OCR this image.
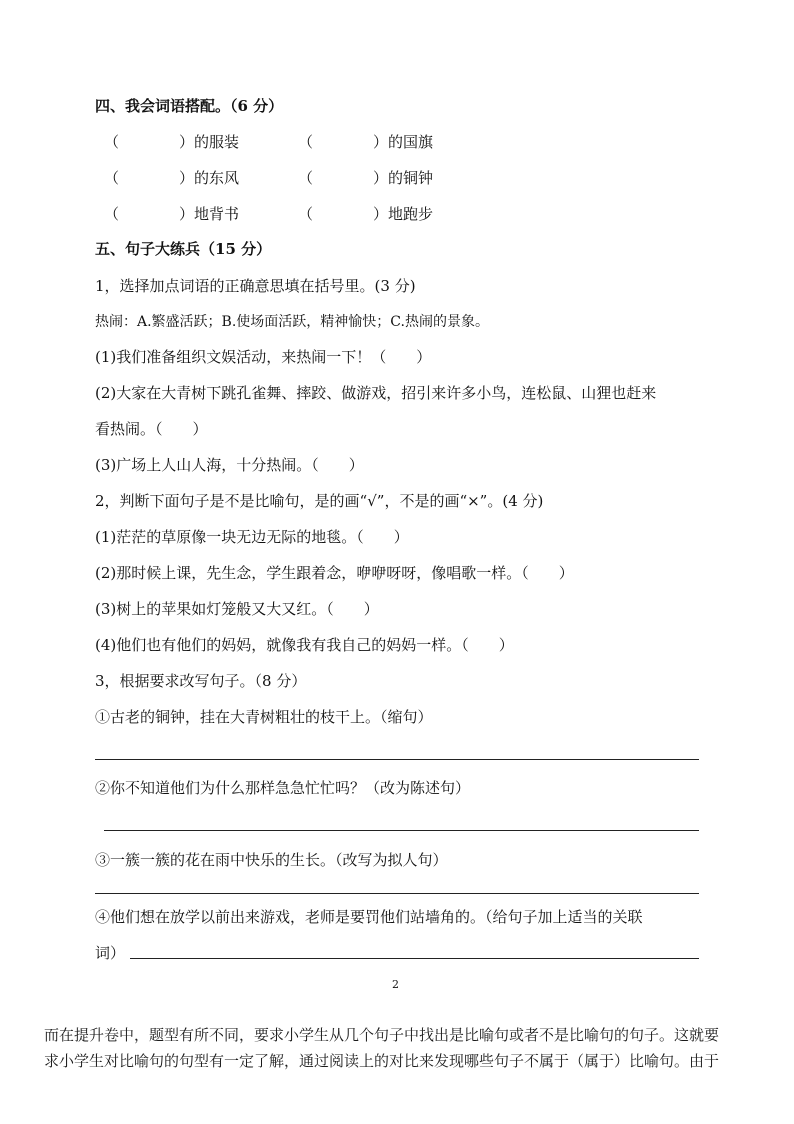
四、我会词语搭配。（6 分）
（　　　　）的服装	（　　　　）的国旗
（　　　　）的东风	（　　　　）的铜钟
（　　　　）地背书	（　　　　）地跑步
五、句子大练兵（15 分）
1，选择加点词语的正确意思填在括号里。(3 分)
热闹：A.繁盛活跃；B.使场面活跃，精神愉快；C.热闹的景象。
(1)我们准备组织文娱活动，来热闹一下！（　　）
(2)大家在大青树下跳孔雀舞、摔跤、做游戏，招引来许多小鸟，连松鼠、山狸也赶来
看热闹。（　　）
(3)广场上人山人海，十分热闹。（　　）
2，判断下面句子是不是比喻句，是的画“√”，不是的画“×”。(4 分)
(1)茫茫的草原像一块无边无际的地毯。（　　）
(2)那时候上课，先生念，学生跟着念，咿咿呀呀，像唱歌一样。（　　）
(3)树上的苹果如灯笼般又大又红。（　　）
(4)他们也有他们的妈妈，就像我有我自己的妈妈一样。（　　）
3，根据要求改写句子。（8 分）
①古老的铜钟，挂在大青树粗壮的枝干上。（缩句）
②你不知道他们为什么那样急急忙忙吗？（改为陈述句）
③一簇一簇的花在雨中快乐的生长。（改写为拟人句）
④他们想在放学以前出来游戏，老师是要罚他们站墙角的。（给句子加上适当的关联
词）
2
而在提升卷中，题型有所不同，要求小学生从几个句子中找出是比喻句或者不是比喻句的句子。这就要
求小学生对比喻句的句型有一定了解，通过阅读上的对比来发现哪些句子不属于（属于）比喻句。由于
